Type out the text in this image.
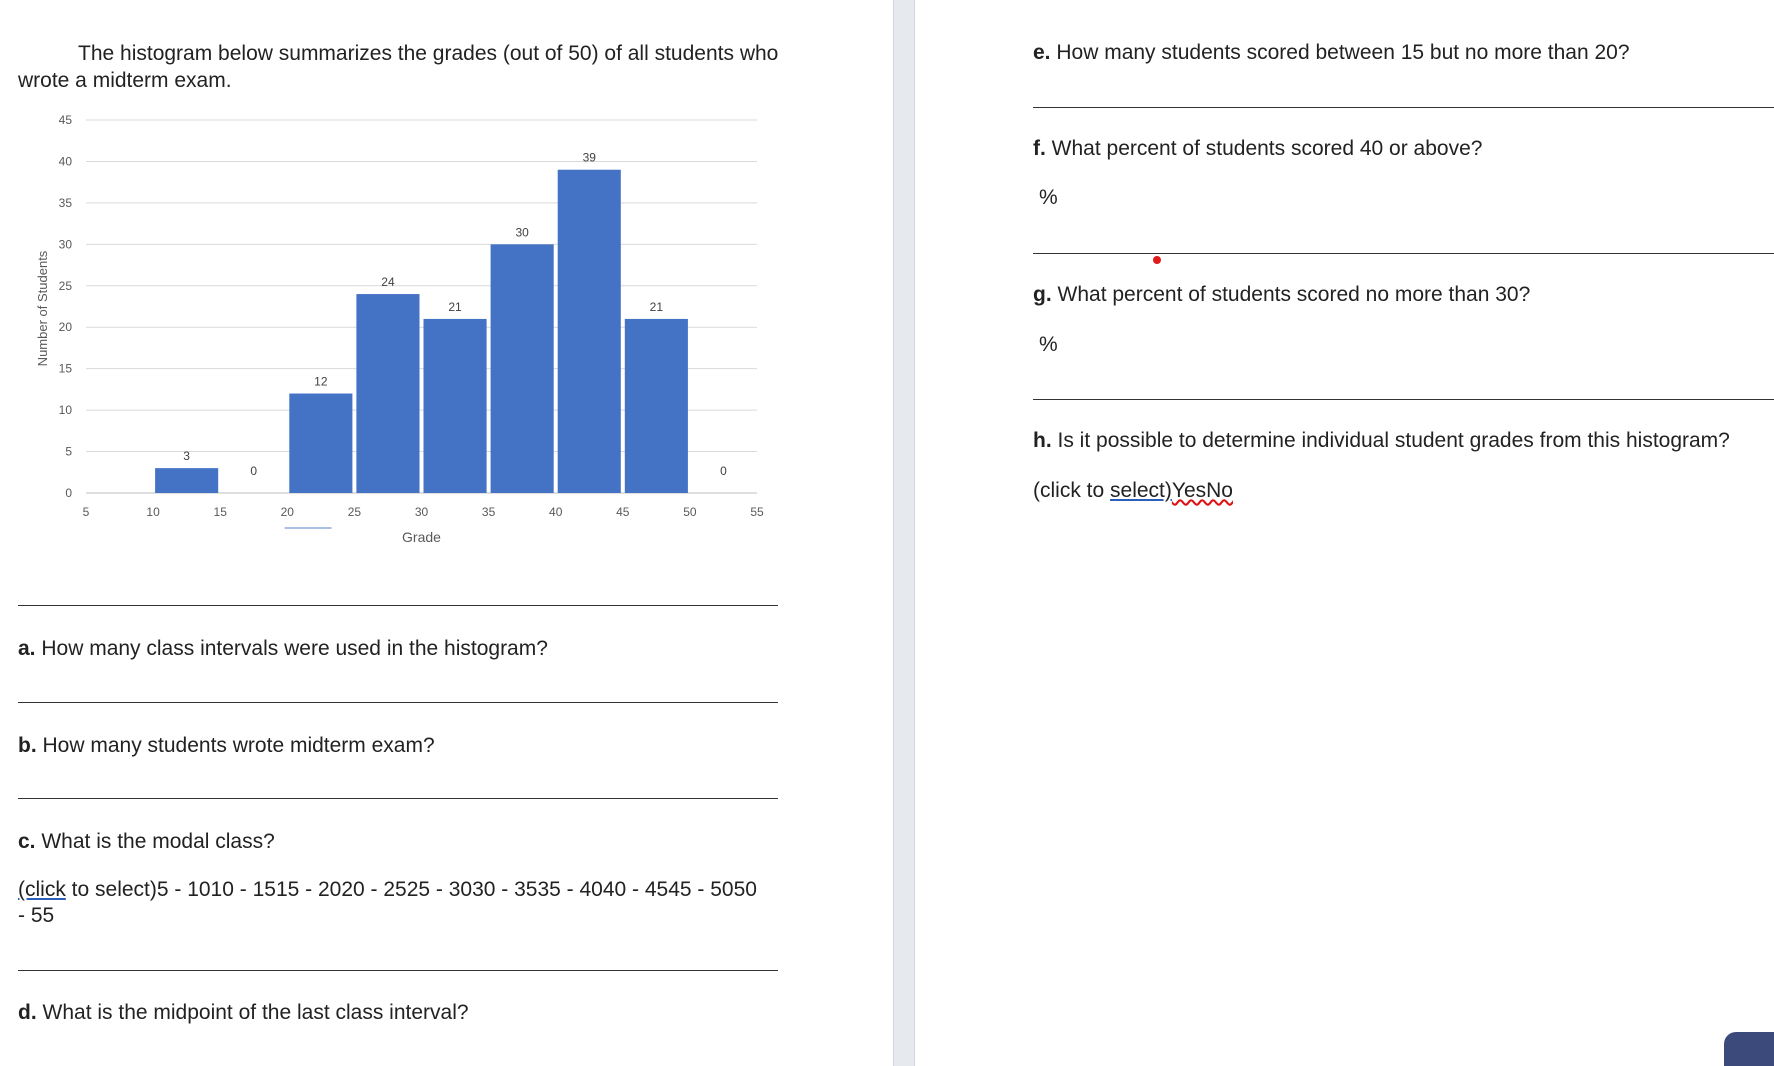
The histogram below summarizes the grades (out of 50) of all students who wrote a midterm exam.

0
5
10
15
20
25
30
35
40
45
5	10	15	20	25	30	35	40	45	50	55
3
0
12
24
21
30
39
21
0
Grade
Number of Students

a. How many class intervals were used in the histogram?

b. How many students wrote midterm exam?

c. What is the modal class?

(click to select)5 - 1010 - 1515 - 2020 - 2525 - 3030 - 3535 - 4040 - 4545 - 5050 - 55

d. What is the midpoint of the last class interval?

e. How many students scored between 15 but no more than 20?

f. What percent of students scored 40 or above?

%

g. What percent of students scored no more than 30?

%

h. Is it possible to determine individual student grades from this histogram?

(click to select)YesNo
